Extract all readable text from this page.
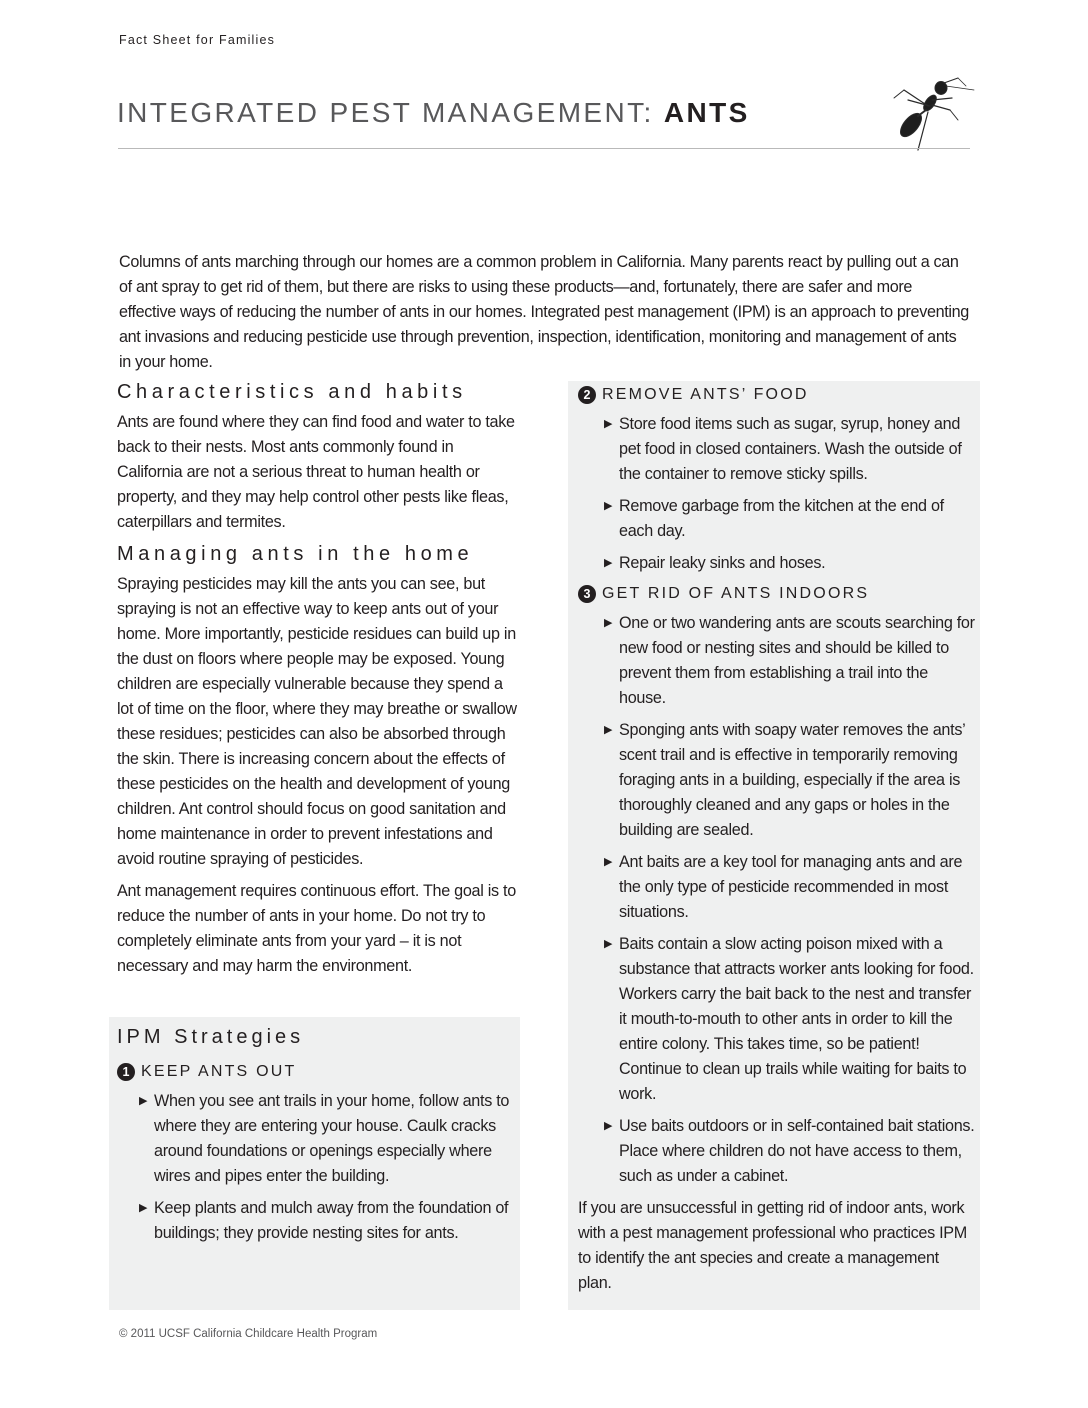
Fact Sheet for Families
INTEGRATED PEST MANAGEMENT: ANTS

Columns of ants marching through our homes are a common problem in California. Many parents react by pulling out a can of ant spray to get rid of them, but there are risks to using these products—and, fortunately, there are safer and more effective ways of reducing the number of ants in our homes. Integrated pest management (IPM) is an approach to preventing ant invasions and reducing pesticide use through prevention, inspection, identification, monitoring and management of ants in your home.

Characteristics and habits

Ants are found where they can find food and water to take back to their nests. Most ants commonly found in California are not a serious threat to human health or property, and they may help control other pests like fleas, caterpillars and termites.

Managing ants in the home

Spraying pesticides may kill the ants you can see, but spraying is not an effective way to keep ants out of your home. More importantly, pesticide residues can build up in the dust on floors where people may be exposed. Young children are especially vulnerable because they spend a lot of time on the floor, where they may breathe or swallow these residues; pesticides can also be absorbed through the skin. There is increasing concern about the effects of these pesticides on the health and development of young children. Ant control should focus on good sanitation and home maintenance in order to prevent infestations and avoid routine spraying of pesticides.

Ant management requires continuous effort. The goal is to reduce the number of ants in your home. Do not try to completely eliminate ants from your yard – it is not necessary and may harm the environment.

IPM Strategies
1 KEEP ANTS OUT
▶ When you see ant trails in your home, follow ants to where they are entering your house. Caulk cracks around foundations or openings especially where wires and pipes enter the building.
▶ Keep plants and mulch away from the foundation of buildings; they provide nesting sites for ants.
2 REMOVE ANTS’ FOOD
▶ Store food items such as sugar, syrup, honey and pet food in closed containers. Wash the outside of the container to remove sticky spills.
▶ Remove garbage from the kitchen at the end of each day.
▶ Repair leaky sinks and hoses.
3 GET RID OF ANTS INDOORS
▶ One or two wandering ants are scouts searching for new food or nesting sites and should be killed to prevent them from establishing a trail into the house.
▶ Sponging ants with soapy water removes the ants’ scent trail and is effective in temporarily removing foraging ants in a building, especially if the area is thoroughly cleaned and any gaps or holes in the building are sealed.
▶ Ant baits are a key tool for managing ants and are the only type of pesticide recommended in most situations.
▶ Baits contain a slow acting poison mixed with a substance that attracts worker ants looking for food. Workers carry the bait back to the nest and transfer it mouth-to-mouth to other ants in order to kill the entire colony. This takes time, so be patient! Continue to clean up trails while waiting for baits to work.
▶ Use baits outdoors or in self-contained bait stations. Place where children do not have access to them, such as under a cabinet.

If you are unsuccessful in getting rid of indoor ants, work with a pest management professional who practices IPM to identify the ant species and create a management plan.

© 2011 UCSF California Childcare Health Program
